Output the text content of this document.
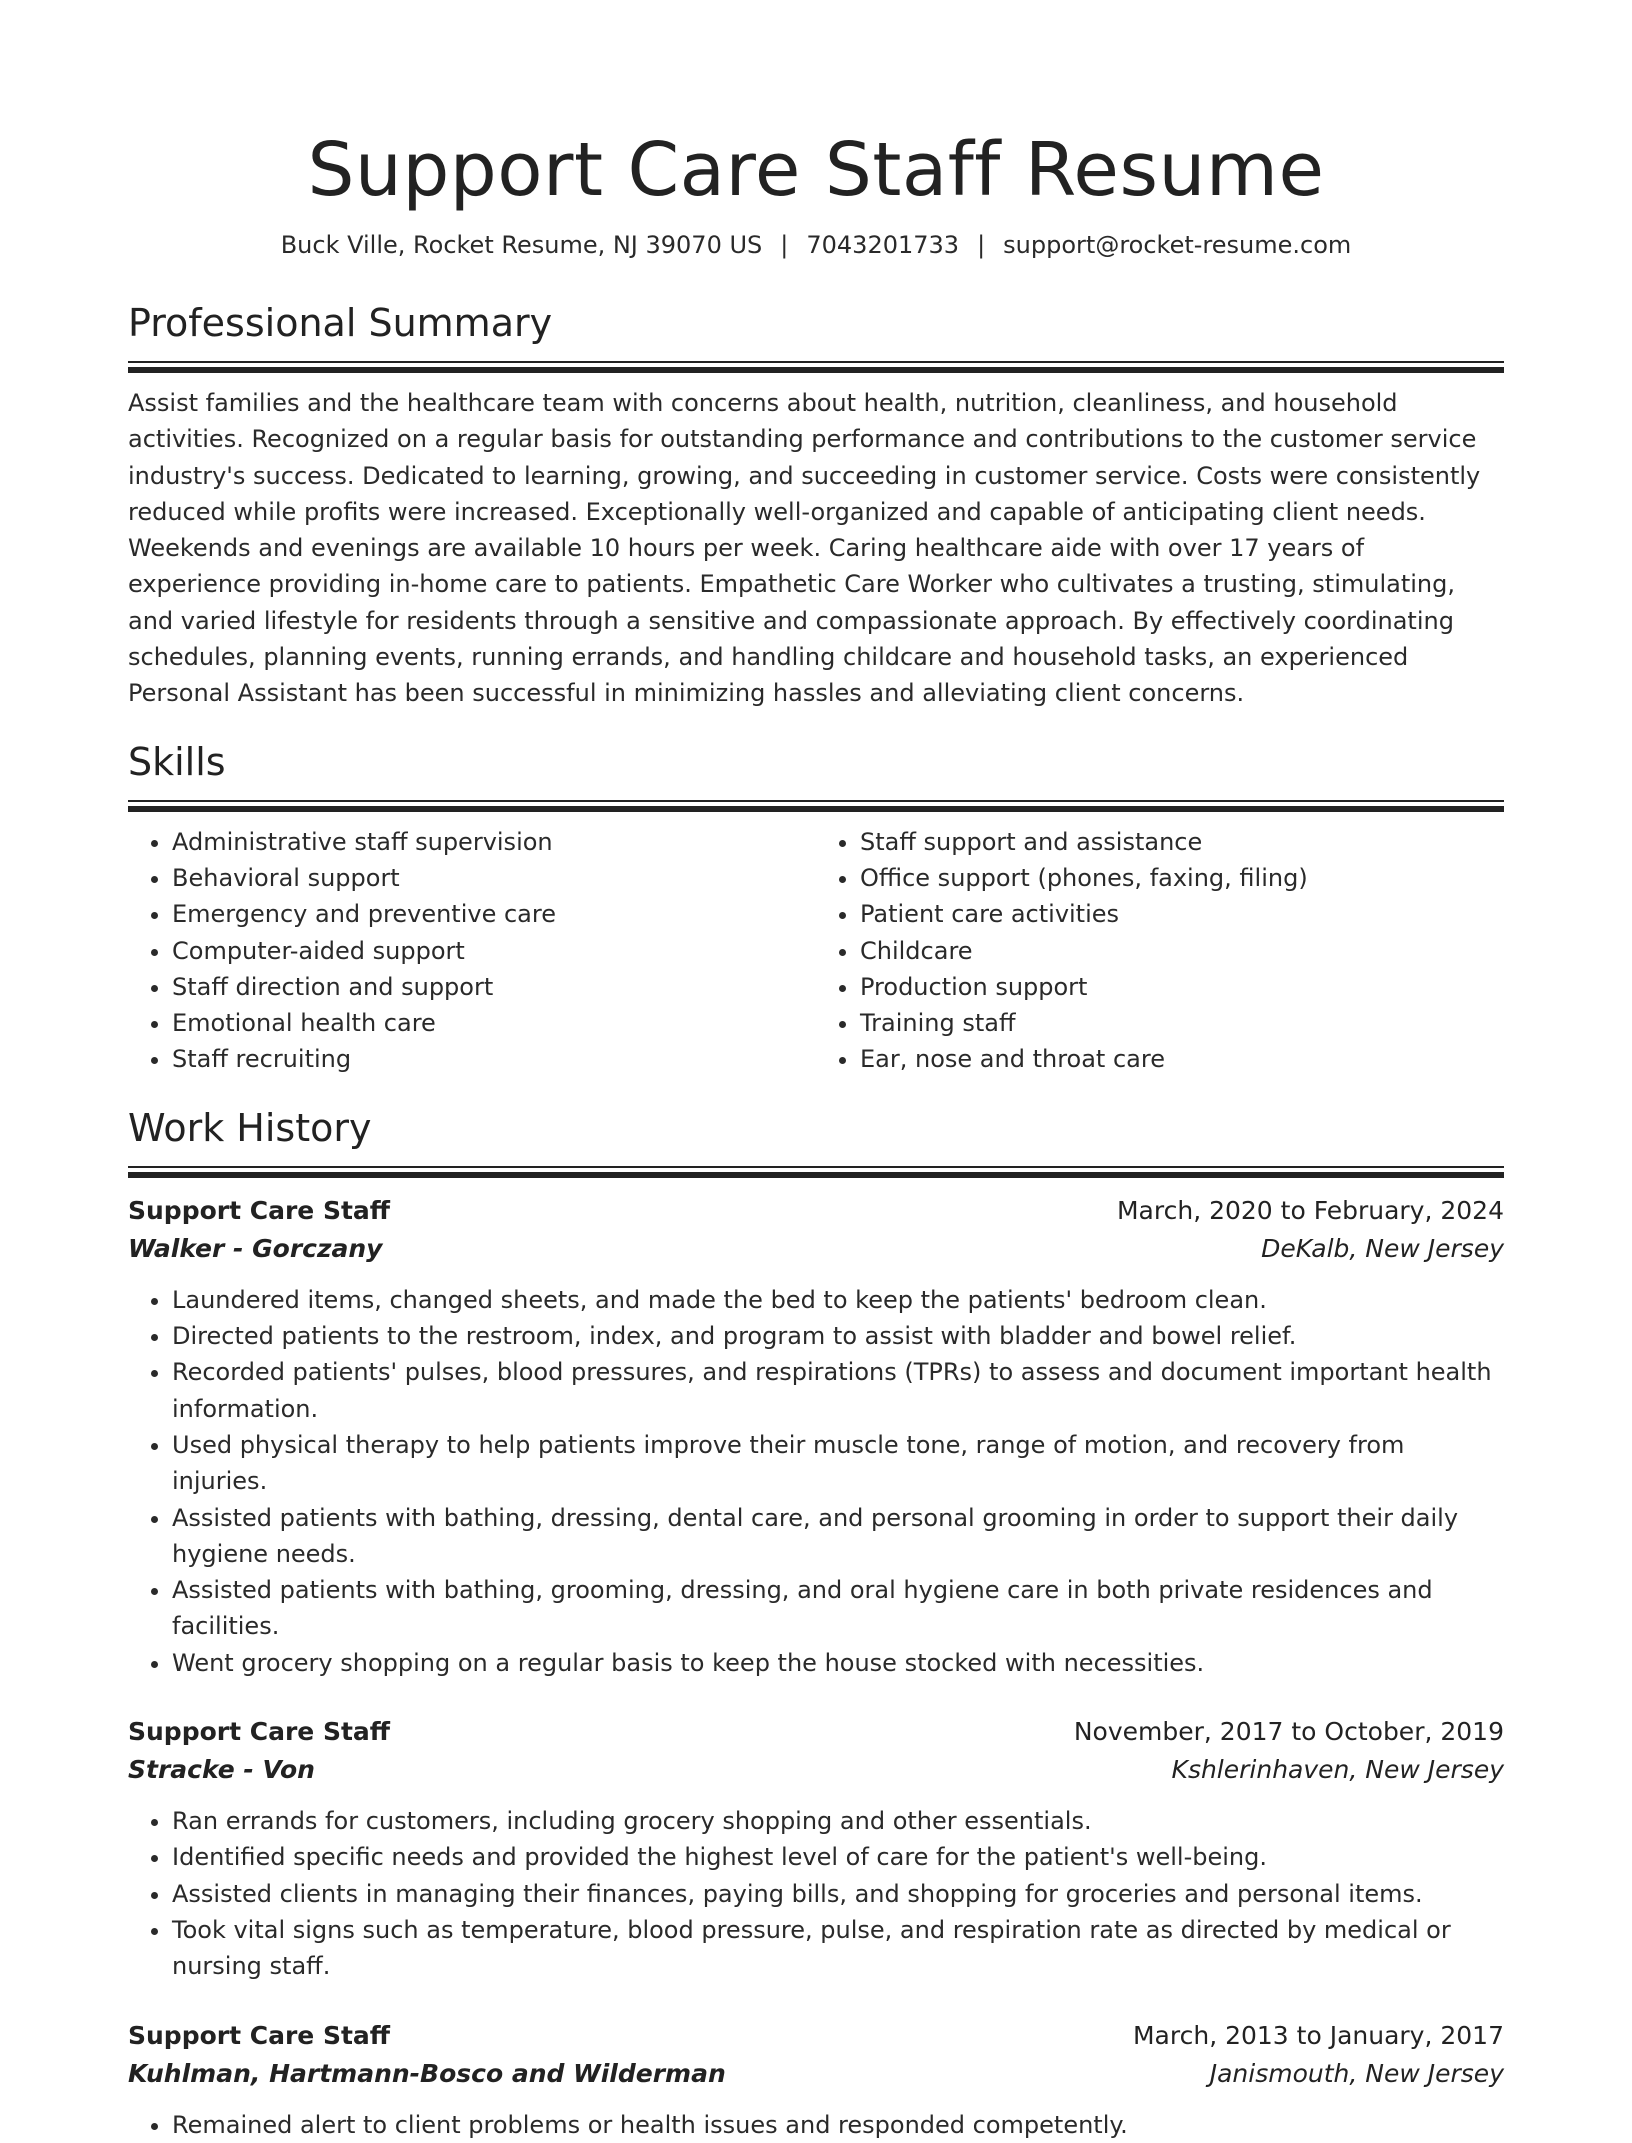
Support Care Staff Resume
Buck Ville, Rocket Resume, NJ 39070 US | 7043201733 | support@rocket-resume.com
Professional Summary

Assist families and the healthcare team with concerns about health, nutrition, cleanliness, and household activities. Recognized on a regular basis for outstanding performance and contributions to the customer service industry's success. Dedicated to learning, growing, and succeeding in customer service. Costs were consistently reduced while profits were increased. Exceptionally well-organized and capable of anticipating client needs. Weekends and evenings are available 10 hours per week. Caring healthcare aide with over 17 years of experience providing in-home care to patients. Empathetic Care Worker who cultivates a trusting, stimulating, and varied lifestyle for residents through a sensitive and compassionate approach. By effectively coordinating schedules, planning events, running errands, and handling childcare and household tasks, an experienced Personal Assistant has been successful in minimizing hassles and alleviating client concerns.

Skills
• Administrative staff supervision
• Behavioral support
• Emergency and preventive care
• Computer-aided support
• Staff direction and support
• Emotional health care
• Staff recruiting
• Staff support and assistance
• Office support (phones, faxing, filing)
• Patient care activities
• Childcare
• Production support
• Training staff
• Ear, nose and throat care
Work History
Support Care Staff	March, 2020 to February, 2024
Walker - Gorczany	DeKalb, New Jersey
• Laundered items, changed sheets, and made the bed to keep the patients' bedroom clean.
• Directed patients to the restroom, index, and program to assist with bladder and bowel relief.
• Recorded patients' pulses, blood pressures, and respirations (TPRs) to assess and document important health information.
• Used physical therapy to help patients improve their muscle tone, range of motion, and recovery from injuries.
• Assisted patients with bathing, dressing, dental care, and personal grooming in order to support their daily hygiene needs.
• Assisted patients with bathing, grooming, dressing, and oral hygiene care in both private residences and facilities.
• Went grocery shopping on a regular basis to keep the house stocked with necessities.
Support Care Staff	November, 2017 to October, 2019
Stracke - Von	Kshlerinhaven, New Jersey
• Ran errands for customers, including grocery shopping and other essentials.
• Identified specific needs and provided the highest level of care for the patient's well-being.
• Assisted clients in managing their finances, paying bills, and shopping for groceries and personal items.
• Took vital signs such as temperature, blood pressure, pulse, and respiration rate as directed by medical or nursing staff.
Support Care Staff	March, 2013 to January, 2017
Kuhlman, Hartmann-Bosco and Wilderman	Janismouth, New Jersey
• Remained alert to client problems or health issues and responded competently.
